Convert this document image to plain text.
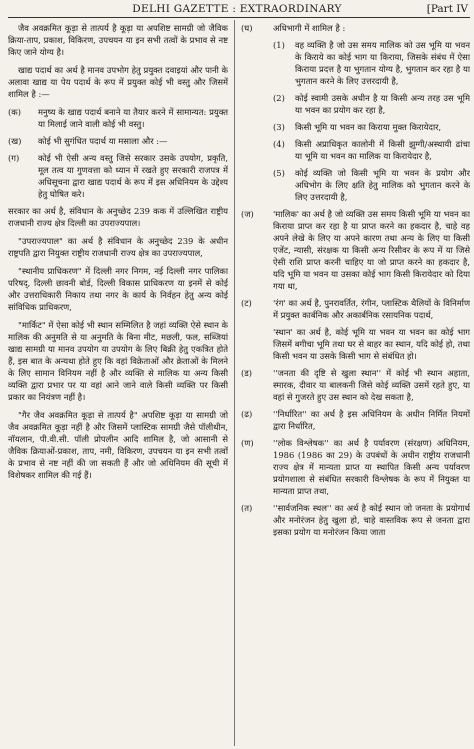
DELHI GAZETTE : EXTRAORDINARY	[Part IV

जैव अवक्रमित कूड़ा से तात्पर्य है कूड़ा या अपशिष्ट सामग्री जो जैविक क्रिया-ताप, प्रकाश, विकिरण, उपचयन या इन सभी तत्वों के प्रभाव से नष्ट किए जाने योग्य है।

खाद्य पदार्थ का अर्थ है मानव उपभोग हेतु प्रयुक्त दवाइयां और पानी के अलावा खाद्य या पेय पदार्थ के रूप में प्रयुक्त कोई भी वस्तु और जिसमें शामिल है :—

(क)	मनुष्य के खाद्य पदार्थ बनाने या तैयार करने में सामान्यत: प्रयुक्त या मिलाई जाने वाली कोई भी वस्तु।
(ख)	कोई भी सुगंधित पदार्थ या मसाला और :—
(ग)	कोई भी ऐसी अन्य वस्तु जिसे सरकार उसके उपयोग, प्रकृति, मूल तत्व या गुणवत्ता को ध्यान में रखते हुए सरकारी राजपत्र में अधिसूचना द्वारा खाद्य पदार्थ के रूप में इस अधिनियम के उद्देश्य हेतु घोषित करे।

सरकार का अर्थ है, संविधान के अनुच्छेद 239 कक में उल्लिखित राष्ट्रीय राजधानी राज्य क्षेत्र दिल्ली का उपराज्यपाल।

"उपराज्यपाल" का अर्थ है संविधान के अनुच्छेद 239 के अधीन राष्ट्रपति द्वारा नियुक्त राष्ट्रीय राजधानी राज्य क्षेत्र का उपराज्यपाल,

"स्थानीय प्राधिकरण" में दिल्ली नगर निगम, नई दिल्ली नगर पालिका परिषद्, दिल्ली छावनी बोर्ड, दिल्ली विकास प्राधिकरण या इनमें से कोई और उत्तराधिकारी निकाय तथा नगर के कार्य के निर्वहन हेतु अन्य कोई सांविधिक प्राधिकरण,

"मार्किट" में ऐसा कोई भी स्थान सम्मिलित है जहां व्यक्ति ऐसे स्थान के मालिक की अनुमति से या अनुमति के बिना मीट, मछली, फल, सब्जियां खाद्य सामग्री या मानव उपयोग या उपयोग के लिए बिक्री हेतु एकत्रित होते हैं, इस बात के अन्यथा होते हुए कि वहां विक्रेताओं और क्रेताओं के मिलने के लिए सामान विनियम नहीं है और व्यक्ति से मालिक या अन्य किसी व्यक्ति द्वारा प्रभार पर या वहां आने जाने वाले किसी व्यक्ति पर किसी प्रकार का नियंत्रण नहीं है।

"गैर जैव अवक्रमित कूड़ा से तात्पर्य है" अपशिष्ट कूड़ा या सामग्री जो जैव अवक्रमित कूड़ा नहीं है और जिसमें प्लास्टिक सामग्री जैसे पॉलीथीन, नॉयलान, पी.वी.सी. पॉली प्रोपलीन आदि शामिल है, जो आसानी से जैविक क्रियाओं-प्रकाश, ताप, नमी, विकिरण, उपचयन या इन सभी तत्वों के प्रभाव से नष्ट नहीं की जा सकती हैं और जो अधिनियम की सूची में विशेषकर शामिल की गई हैं।

(घ)	अधिभागी में शामिल है :
(1)	वह व्यक्ति है जो उस समय मालिक को उस भूमि या भवन के किराये का कोई भाग या किराया, जिसके संबंध में ऐसा किराया प्रदत्त है या भुगतान योग्य है, भुगतान कर रहा है या भुगतान करने के लिए उत्तरदायी है,
(2)	कोई स्वामी उसके अधीन है या किसी अन्य तरह उस भूमि या भवन का प्रयोग कर रहा है,
(3)	किसी भूमि या भवन का किराया मुक्त किरायेदार,
(4)	किसी अप्राधिकृत कालोनी में किसी झुग्गी/अस्थायी ढांचा या भूमि या भवन का मालिक या किरायेदार है,
(5)	कोई व्यक्ति जो किसी भूमि या भवन के प्रयोग और अधिभोग के लिए क्षति हेतु मालिक को भुगतान करने के लिए उत्तरदायी है,
(ज)	'मालिक' का अर्थ है जो व्यक्ति उस समय किसी भूमि या भवन का किराया प्राप्त कर रहा है या प्राप्त करने का हकदार है, चाहे वह अपने लेखे के लिए या अपने कारण तथा अन्य के लिए या किसी एजेंट, न्यासी, संरक्षक या किसी अन्य रिसीवर के रूप में या जिसे ऐसी राशि प्राप्त करनी चाहिए या जो प्राप्त करने का हकदार है, यदि भूमि या भवन या उसका कोई भाग किसी किरायेदार को दिया गया था,
(ट)	'रंग' का अर्थ है, पुनरावर्तित, रंगीन, प्लास्टिक थैलियों के विनिर्माण में प्रयुक्त कार्बनिक और अकार्बनिक रसायनिक पदार्थ,
'स्थान' का अर्थ है, कोई भूमि या भवन या भवन का कोई भाग जिसमें बगीचा भूमि तथा घर से बाहर का स्थान, यदि कोई हो, तथा किसी भवन या उसके किसी भाग से संबंधित हो।
(ड)	''जनता की दृष्टि से खुला स्थान'' में कोई भी स्थान अहाता, स्मारक, दीवार या बालकनी जिसे कोई व्यक्ति उसमें रहते हुए, या वहां से गुजरते हुए उस स्थान को देख सकता है,
(ढ)	''निर्धारित'' का अर्थ है इस अधिनियम के अधीन निर्मित नियमों द्वारा निर्धारित,
(ण)	''लोक विश्लेषक'' का अर्थ है पर्यावरण (संरक्षण) अधिनियम, 1986 (1986 का 29) के उपबंधों के अधीन राष्ट्रीय राजधानी राज्य क्षेत्र में मान्यता प्राप्त या स्थापित किसी अन्य पर्यावरण प्रयोगशाला से संबंधित सरकारी विश्लेषक के रूप में नियुक्त या मान्यता प्राप्त तथा,
(त)	''सार्वजनिक स्थल'' का अर्थ है कोई स्थान जो जनता के प्रयोगार्थ और मनोरंजन हेतु खुला हो, चाहे वास्तविक रूप से जनता द्वारा इसका प्रयोग या मनोरंजन किया जाता
